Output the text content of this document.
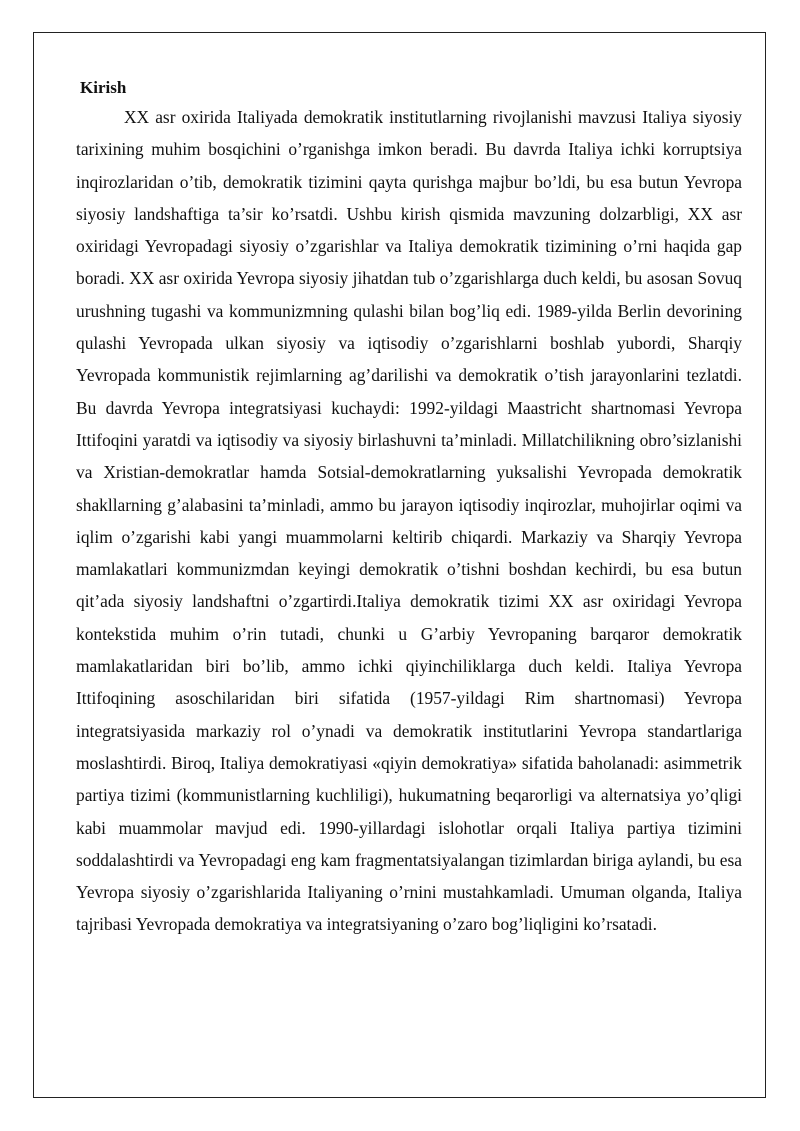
Kirish

XX asr oxirida Italiyada demokratik institutlarning rivojlanishi mavzusi Italiya siyosiy tarixining muhim bosqichini o’rganishga imkon beradi. Bu davrda Italiya ichki korruptsiya inqirozlaridan o’tib, demokratik tizimini qayta qurishga majbur bo’ldi, bu esa butun Yevropa siyosiy landshaftiga ta’sir ko’rsatdi. Ushbu kirish qismida mavzuning dolzarbligi, XX asr oxiridagi Yevropadagi siyosiy o’zgarishlar va Italiya demokratik tizimining o’rni haqida gap boradi. XX asr oxirida Yevropa siyosiy jihatdan tub o’zgarishlarga duch keldi, bu asosan Sovuq urushning tugashi va kommunizmning qulashi bilan bog’liq edi. 1989-yilda Berlin devorining qulashi Yevropada ulkan siyosiy va iqtisodiy o’zgarishlarni boshlab yubordi, Sharqiy Yevropada kommunistik rejimlarning ag’darilishi va demokratik o’tish jarayonlarini tezlatdi. Bu davrda Yevropa integratsiyasi kuchaydi: 1992-yildagi Maastricht shartnomasi Yevropa Ittifoqini yaratdi va iqtisodiy va siyosiy birlashuvni ta’minladi. Millatchilikning obro’sizlanishi va Xristian-demokratlar hamda Sotsial-demokratlarning yuksalishi Yevropada demokratik shakllarning g’alabasini ta’minladi, ammo bu jarayon iqtisodiy inqirozlar, muhojirlar oqimi va iqlim o’zgarishi kabi yangi muammolarni keltirib chiqardi. Markaziy va Sharqiy Yevropa mamlakatlari kommunizmdan keyingi demokratik o’tishni boshdan kechirdi, bu esa butun qit’ada siyosiy landshaftni o’zgartirdi.Italiya demokratik tizimi XX asr oxiridagi Yevropa kontekstida muhim o’rin tutadi, chunki u G’arbiy Yevropaning barqaror demokratik mamlakatlaridan biri bo’lib, ammo ichki qiyinchiliklarga duch keldi. Italiya Yevropa Ittifoqining asoschilaridan biri sifatida (1957-yildagi Rim shartnomasi) Yevropa integratsiyasida markaziy rol o’ynadi va demokratik institutlarini Yevropa standartlariga moslashtirdi. Biroq, Italiya demokratiyasi «qiyin demokratiya» sifatida baholanadi: asimmetrik partiya tizimi (kommunistlarning kuchliligi), hukumatning beqarorligi va alternatsiya yo’qligi kabi muammolar mavjud edi. 1990-yillardagi islohotlar orqali Italiya partiya tizimini soddalashtirdi va Yevropadagi eng kam fragmentatsiyalangan tizimlardan biriga aylandi, bu esa Yevropa siyosiy o’zgarishlarida Italiyaning o’rnini mustahkamladi. Umuman olganda, Italiya tajribasi Yevropada demokratiya va integratsiyaning o’zaro bog’liqligini ko’rsatadi.
